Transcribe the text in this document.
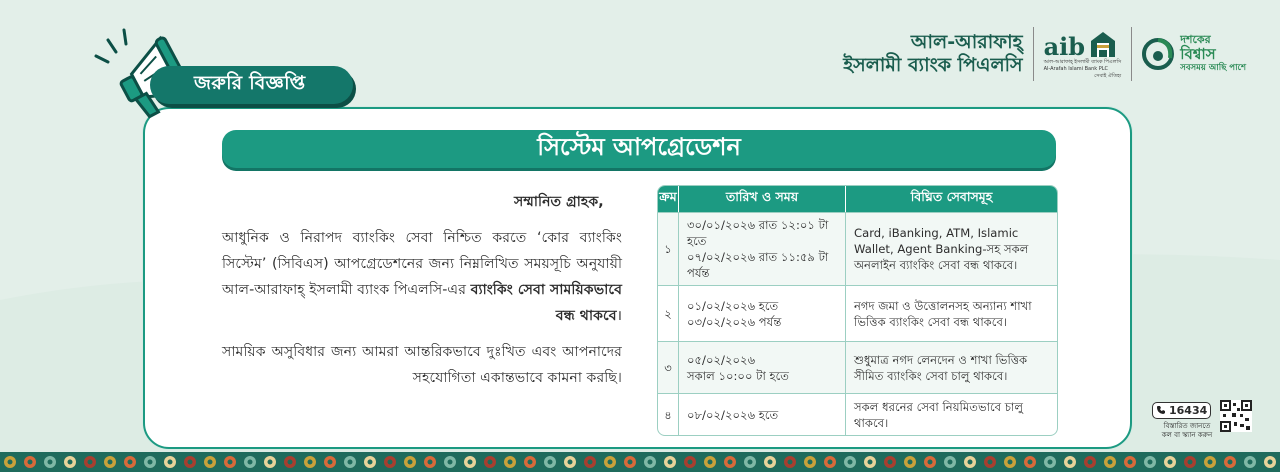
জরুরি বিজ্ঞপ্তি
আল-আরাফাহ্
ইসলামী ব্যাংক পিএলসি
aib
আল-আরাফাহ্ ইসলামী ব্যাংক পিএলসি
Al-Arafah Islami Bank PLC
সেবাই ঐতিহ্য
দশকের
বিশ্বাস
সবসময় আছি পাশে
সিস্টেম আপগ্রেডেশন
সম্মানিত গ্রাহক,

আধুনিক ও নিরাপদ ব্যাংকিং সেবা নিশ্চিত করতে ‘কোর ব্যাংকিং সিস্টেম’ (সিবিএস) আপগ্রেডেশনের জন্য নিম্নলিখিত সময়সূচি অনুযায়ী আল-আরাফাহ্ ইসলামী ব্যাংক পিএলসি-এর ব্যাংকিং সেবা সাময়িকভাবে বন্ধ থাকবে।

সাময়িক অসুবিধার জন্য আমরা আন্তরিকভাবে দুঃখিত এবং আপনাদের সহযোগিতা একান্তভাবে কামনা করছি।

ক্রম	তারিখ ও সময়	বিঘ্নিত সেবাসমূহ
১	৩০/০১/২০২৬ রাত ১২:০১ টা হতে
০৭/০২/২০২৬ রাত ১১:৫৯ টা পর্যন্ত	Card, iBanking, ATM, Islamic Wallet, Agent Banking-সহ সকল অনলাইন ব্যাংকিং সেবা বন্ধ থাকবে।
২	০১/০২/২০২৬ হতে
০৩/০২/২০২৬ পর্যন্ত	নগদ জমা ও উত্তোলনসহ অন্যান্য শাখা ভিত্তিক ব্যাংকিং সেবা বন্ধ থাকবে।
৩	০৫/০২/২০২৬
সকাল ১০:০০ টা হতে	শুধুমাত্র নগদ লেনদেন ও শাখা ভিত্তিক সীমিত ব্যাংকিং সেবা চালু থাকবে।
৪	০৮/০২/২০২৬ হতে	সকল ধরনের সেবা নিয়মিতভাবে চালু থাকবে।
16434
বিস্তারিত জানতে
কল বা স্ক্যান করুন
